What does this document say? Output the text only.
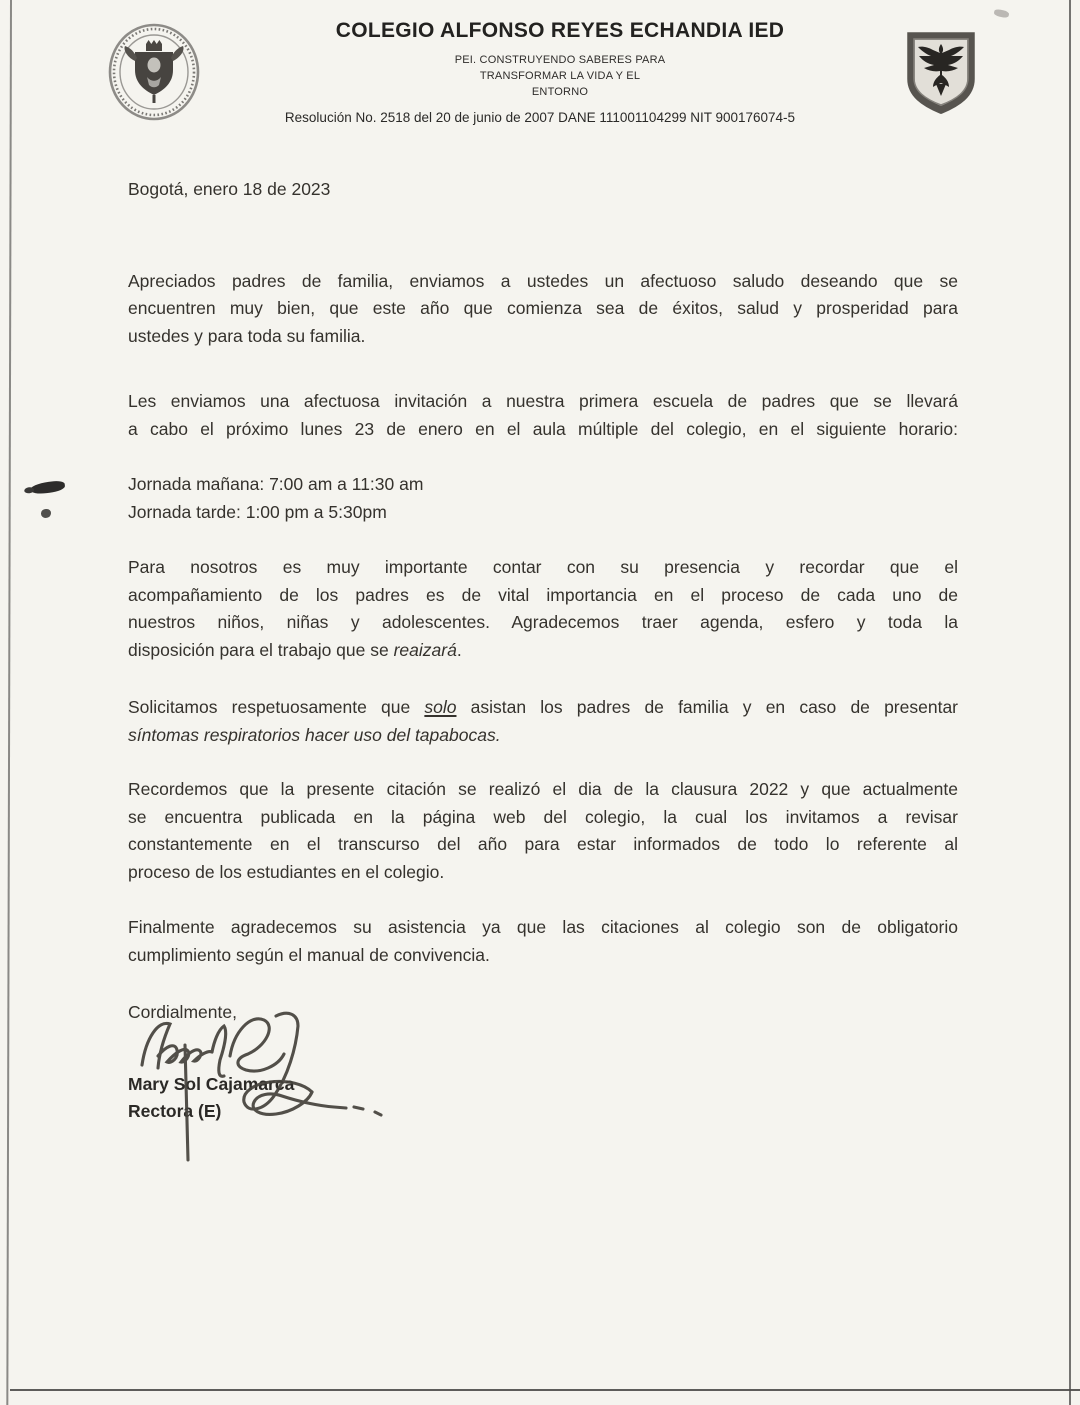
COLEGIO ALFONSO REYES ECHANDIA IED
PEI. CONSTRUYENDO SABERES PARA
TRANSFORMAR LA VIDA Y EL
ENTORNO
Resolución No. 2518 del 20 de junio de 2007 DANE 111001104299 NIT 900176074-5
Bogotá, enero 18 de 2023
Apreciados padres de familia, enviamos a ustedes un afectuoso saludo deseando que se
encuentren muy bien, que este año que comienza sea de éxitos, salud y prosperidad para
ustedes y para toda su familia.
Les enviamos una afectuosa invitación a nuestra primera escuela de padres que se llevará
a cabo el próximo lunes 23 de enero en el aula múltiple del colegio, en el siguiente horario:
Jornada mañana: 7:00 am a 11:30 am
Jornada tarde: 1:00 pm a 5:30pm
Para nosotros es muy importante contar con su presencia y recordar que el
acompañamiento de los padres es de vital importancia en el proceso de cada uno de
nuestros niños, niñas y adolescentes. Agradecemos traer agenda, esfero y toda la
disposición para el trabajo que se reaizará.
Solicitamos respetuosamente que solo asistan los padres de familia y en caso de presentar
síntomas respiratorios hacer uso del tapabocas.
Recordemos que la presente citación se realizó el dia de la clausura 2022 y que actualmente
se encuentra publicada en la página web del colegio, la cual los invitamos a revisar
constantemente en el transcurso del año para estar informados de todo lo referente al
proceso de los estudiantes en el colegio.
Finalmente agradecemos su asistencia ya que las citaciones al colegio son de obligatorio
cumplimiento según el manual de convivencia.
Cordialmente,
Mary Sol Cajamarca
Rectora (E)
